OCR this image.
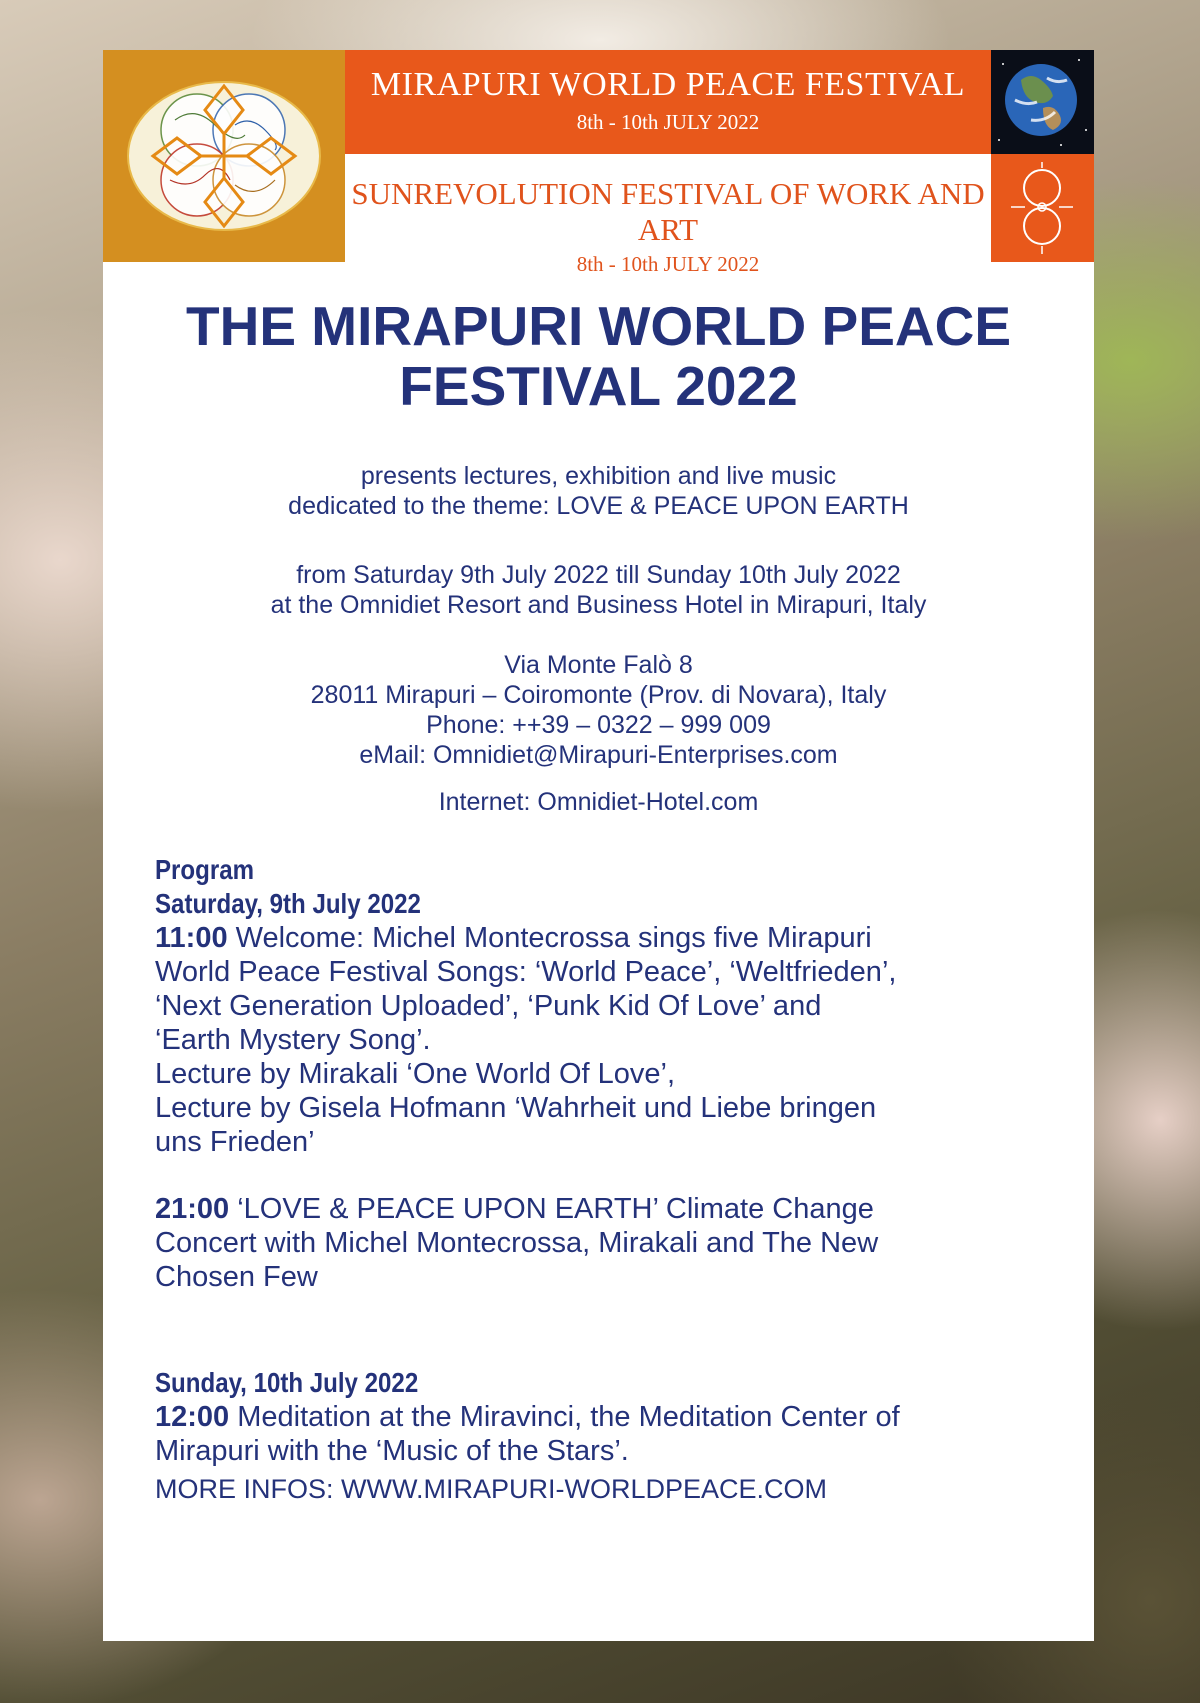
MIRAPURI WORLD PEACE FESTIVAL
8th - 10th JULY 2022
SUNREVOLUTION FESTIVAL OF WORK AND ART
8th - 10th JULY 2022
THE MIRAPURI WORLD PEACE
FESTIVAL 2022
presents lectures, exhibition and live music
dedicated to the theme: LOVE & PEACE UPON EARTH
from Saturday 9th July 2022 till Sunday 10th July 2022
at the Omnidiet Resort and Business Hotel in Mirapuri, Italy
Via Monte Falò 8
28011 Mirapuri – Coiromonte (Prov. di Novara), Italy
Phone: ++39 – 0322 – 999 009
eMail: Omnidiet@Mirapuri-Enterprises.com
Internet: Omnidiet-Hotel.com
Program
Saturday, 9th July 2022

11:00 Welcome: Michel Montecrossa sings five Mirapuri
World Peace Festival Songs: ‘World Peace’, ‘Weltfrieden’,
‘Next Generation Uploaded’, ‘Punk Kid Of Love’ and
‘Earth Mystery Song’.
Lecture by Mirakali ‘One World Of Love’,
Lecture by Gisela Hofmann ‘Wahrheit und Liebe bringen
uns Frieden’

21:00 ‘LOVE & PEACE UPON EARTH’ Climate Change
Concert with Michel Montecrossa, Mirakali and The New
Chosen Few

Sunday, 10th July 2022

12:00 Meditation at the Miravinci, the Meditation Center of
Mirapuri with the ‘Music of the Stars’.

MORE INFOS: WWW.MIRAPURI-WORLDPEACE.COM
